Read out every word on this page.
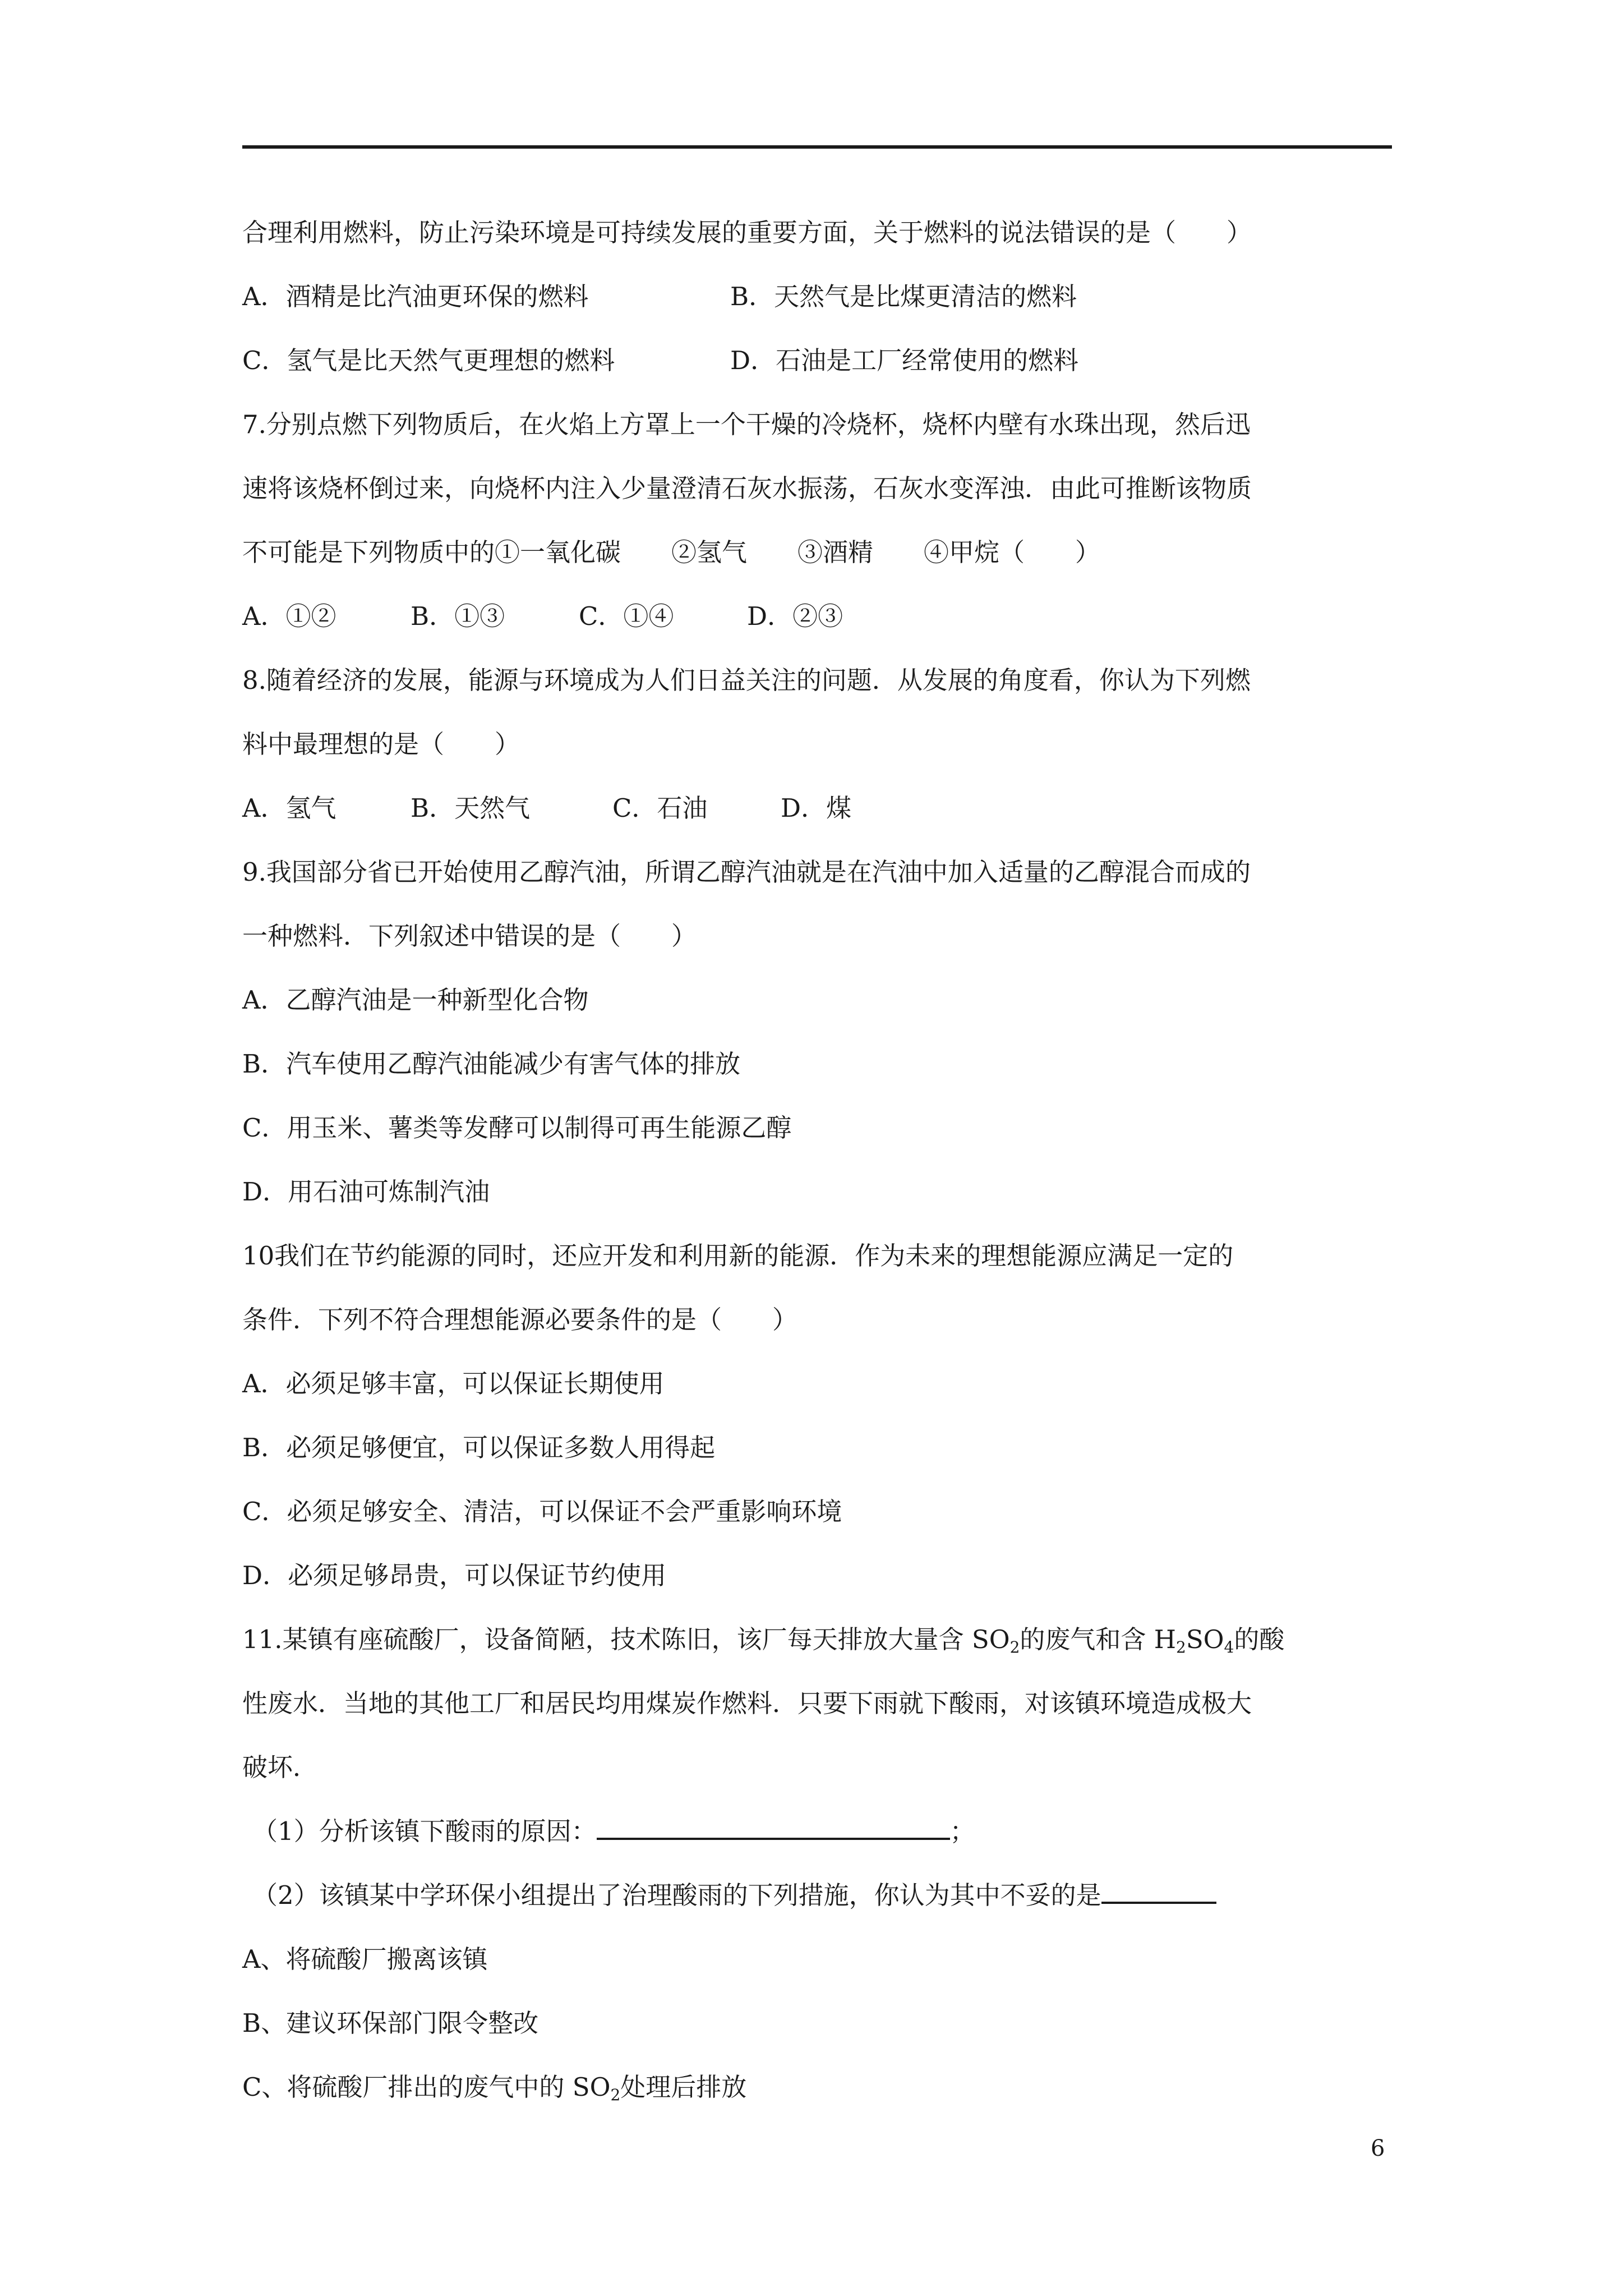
合理利用燃料，防止污染环境是可持续发展的重要方面，关于燃料的说法错误的是（　　）
A．酒精是比汽油更环保的燃料	B．天然气是比煤更清洁的燃料
C．氢气是比天然气更理想的燃料	D．石油是工厂经常使用的燃料
7.分别点燃下列物质后，在火焰上方罩上一个干燥的冷烧杯，烧杯内壁有水珠出现，然后迅
速将该烧杯倒过来，向烧杯内注入少量澄清石灰水振荡，石灰水变浑浊．由此可推断该物质
不可能是下列物质中的①一氧化碳　　②氢气　　③酒精　　④甲烷（　　）
A．①②	B．①③	C．①④	D．②③
8.随着经济的发展，能源与环境成为人们日益关注的问题．从发展的角度看，你认为下列燃
料中最理想的是（　　）
A．氢气	B．天然气	C．石油	D．煤
9.我国部分省已开始使用乙醇汽油，所谓乙醇汽油就是在汽油中加入适量的乙醇混合而成的
一种燃料．下列叙述中错误的是（　　）
A．乙醇汽油是一种新型化合物
B．汽车使用乙醇汽油能减少有害气体的排放
C．用玉米、薯类等发酵可以制得可再生能源乙醇
D．用石油可炼制汽油
10我们在节约能源的同时，还应开发和利用新的能源．作为未来的理想能源应满足一定的
条件．下列不符合理想能源必要条件的是（　　）
A．必须足够丰富，可以保证长期使用
B．必须足够便宜，可以保证多数人用得起
C．必须足够安全、清洁，可以保证不会严重影响环境
D．必须足够昂贵，可以保证节约使用
11.某镇有座硫酸厂，设备简陋，技术陈旧，该厂每天排放大量含 $SO_2$的废气和含 $H_2SO_4$的酸
性废水．当地的其他工厂和居民均用煤炭作燃料．只要下雨就下酸雨，对该镇环境造成极大
破坏．
（1）分析该镇下酸雨的原因：	；
（2）该镇某中学环保小组提出了治理酸雨的下列措施，你认为其中不妥的是
A、将硫酸厂搬离该镇
B、建议环保部门限令整改
C、将硫酸厂排出的废气中的 $SO_2$处理后排放
6
